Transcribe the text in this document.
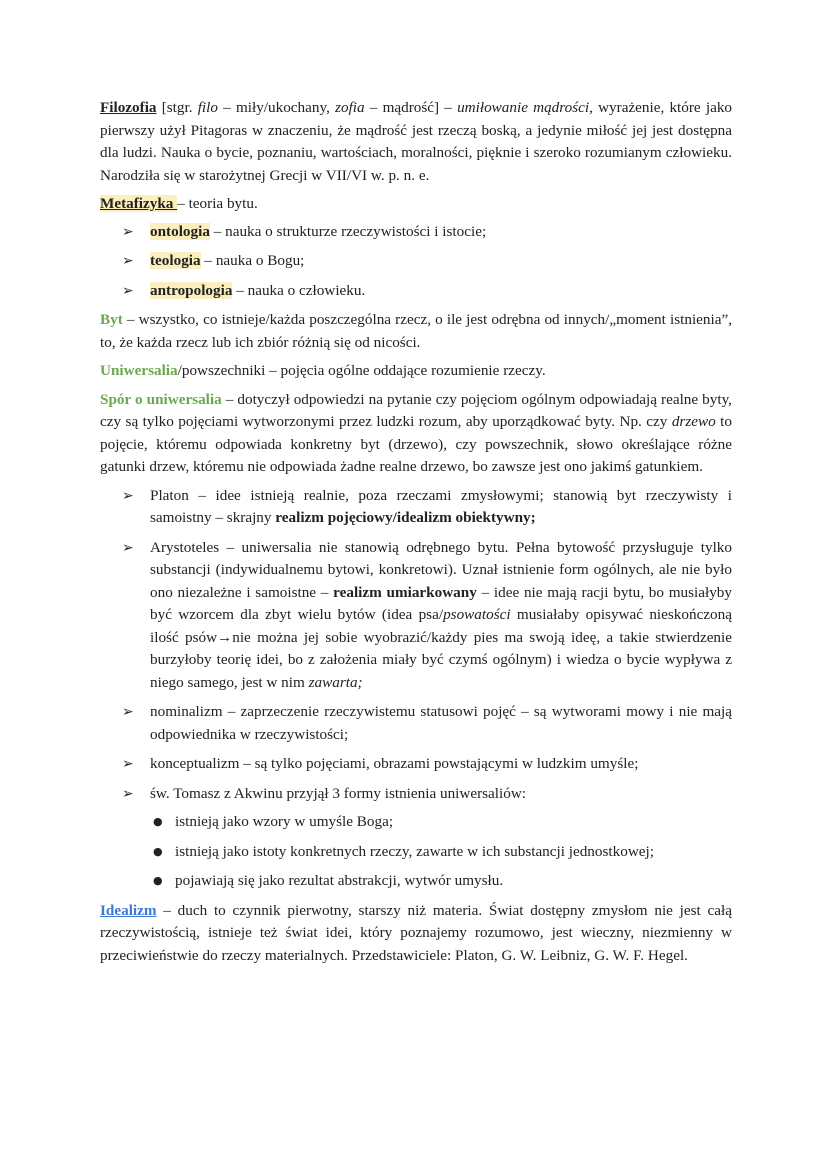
Filozofia [stgr. filo – miły/ukochany, zofia – mądrość] – umiłowanie mądrości, wyrażenie, które jako pierwszy użył Pitagoras w znaczeniu, że mądrość jest rzeczą boską, a jedynie miłość jej jest dostępna dla ludzi. Nauka o bycie, poznaniu, wartościach, moralności, pięknie i szeroko rozumianym człowieku. Narodziła się w starożytnej Grecji w VII/VI w. p. n. e.

Metafizyka – teoria bytu.

➢ ontologia – nauka o strukturze rzeczywistości i istocie;
➢ teologia – nauka o Bogu;
➢ antropologia – nauka o człowieku.

Byt – wszystko, co istnieje/każda poszczególna rzecz, o ile jest odrębna od innych/„moment istnienia”, to, że każda rzecz lub ich zbiór różnią się od nicości.

Uniwersalia/powszechniki – pojęcia ogólne oddające rozumienie rzeczy.

Spór o uniwersalia – dotyczył odpowiedzi na pytanie czy pojęciom ogólnym odpowiadają realne byty, czy są tylko pojęciami wytworzonymi przez ludzki rozum, aby uporządkować byty. Np. czy drzewo to pojęcie, któremu odpowiada konkretny byt (drzewo), czy powszechnik, słowo określające różne gatunki drzew, któremu nie odpowiada żadne realne drzewo, bo zawsze jest ono jakimś gatunkiem.

➢ Platon – idee istnieją realnie, poza rzeczami zmysłowymi; stanowią byt rzeczywisty i samoistny – skrajny realizm pojęciowy/idealizm obiektywny;
➢ Arystoteles – uniwersalia nie stanowią odrębnego bytu. Pełna bytowość przysługuje tylko substancji (indywidualnemu bytowi, konkretowi). Uznał istnienie form ogólnych, ale nie było ono niezależne i samoistne – realizm umiarkowany – idee nie mają racji bytu, bo musiałyby być wzorcem dla zbyt wielu bytów (idea psa/psowatości musiałaby opisywać nieskończoną ilość psów→nie można jej sobie wyobrazić/każdy pies ma swoją ideę, a takie stwierdzenie burzyłoby teorię idei, bo z założenia miały być czymś ogólnym) i wiedza o bycie wypływa z niego samego, jest w nim zawarta;
➢ nominalizm – zaprzeczenie rzeczywistemu statusowi pojęć – są wytworami mowy i nie mają odpowiednika w rzeczywistości;
➢ konceptualizm – są tylko pojęciami, obrazami powstającymi w ludzkim umyśle;
➢ św. Tomasz z Akwinu przyjął 3 formy istnienia uniwersaliów:
● istnieją jako wzory w umyśle Boga;
● istnieją jako istoty konkretnych rzeczy, zawarte w ich substancji jednostkowej;
● pojawiają się jako rezultat abstrakcji, wytwór umysłu.

Idealizm – duch to czynnik pierwotny, starszy niż materia. Świat dostępny zmysłom nie jest całą rzeczywistością, istnieje też świat idei, który poznajemy rozumowo, jest wieczny, niezmienny w przeciwieństwie do rzeczy materialnych. Przedstawiciele: Platon, G. W. Leibniz, G. W. F. Hegel.
